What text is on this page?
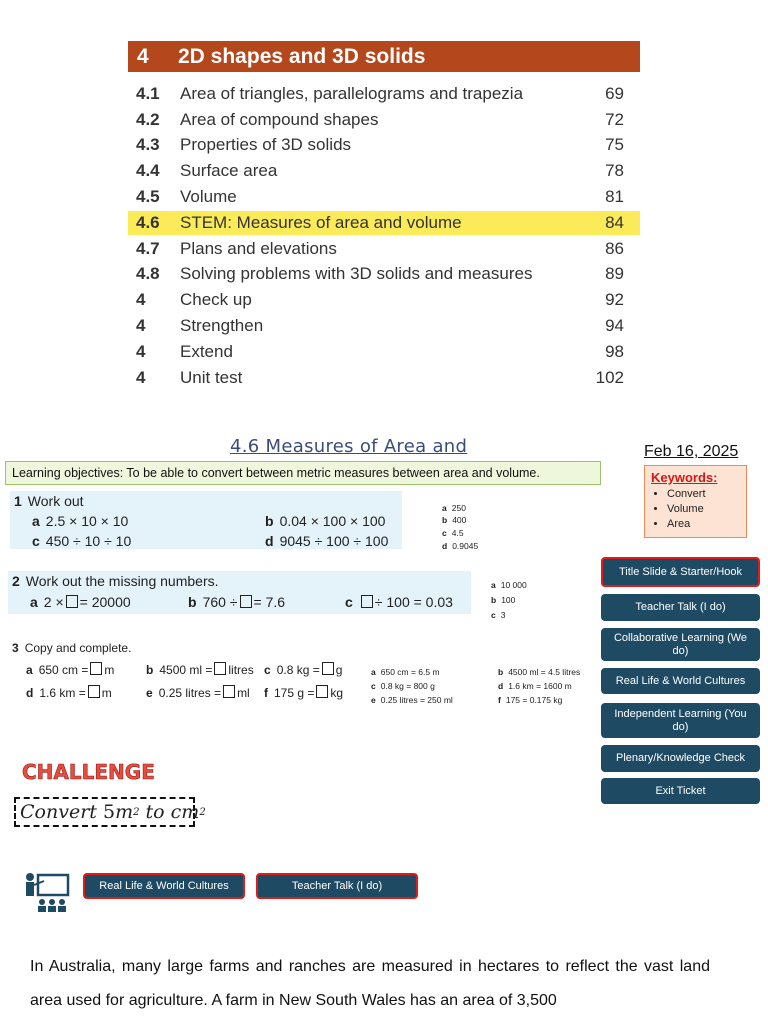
4	2D shapes and 3D solids
4.1	Area of triangles, parallelograms and trapezia	69
4.2	Area of compound shapes	72
4.3	Properties of 3D solids	75
4.4	Surface area	78
4.5	Volume	81
4.6	STEM: Measures of area and volume	84
4.7	Plans and elevations	86
4.8	Solving problems with 3D solids and measures	89
4	Check up	92
4	Strengthen	94
4	Extend	98
4	Unit test	102
4.6 Measures of Area and	Feb 16, 2025
Learning objectives: To be able to convert between metric measures between area and volume.	Keywords:
• Convert
• Volume
• Area
1 Work out
a 2.5 × 10 × 10	b 0.04 × 100 × 100
c 450 ÷ 10 ÷ 10	d 9045 ÷ 100 ÷ 100
a 250
b 400
c 4.5
d 0.9045
2 Work out the missing numbers.
a 2 × = 20000	b 760 ÷ = 7.6	c ÷ 100 = 0.03
a 10 000
b 100
c 3
3 Copy and complete.
a 650 cm = m	b 4500 ml = litres c 0.8 kg = g
d 1.6 km = m	e 0.25 litres = ml f 175 g = kg
a 650 cm = 6.5 m
c 0.8 kg = 800 g
e 0.25 litres = 250 ml
b 4500 ml = 4.5 litres
d 1.6 km = 1600 m
f 175 = 0.175 kg
Title Slide & Starter/Hook
Teacher Talk (I do)
Collaborative Learning (We do)
Real Life & World Cultures
Independent Learning (You do)
Plenary/Knowledge Check
Exit Ticket
CHALLENGE
Convert
5 m 2
to
cm 2
Real Life & World Cultures	Teacher Talk (I do)
In Australia, many large farms and ranches are measured in hectares to reflect the vast land area used for agriculture. A farm in New South Wales has an area of 3,500
